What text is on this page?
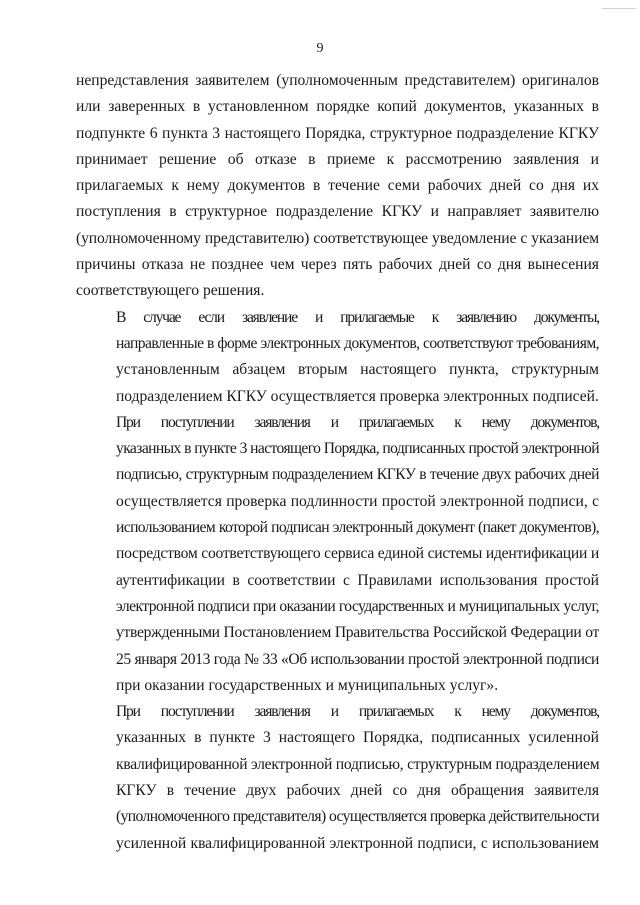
9

непредставления заявителем (уполномоченным представителем) оригиналов
или заверенных в установленном порядке копий документов, указанных в
подпункте 6 пункта 3 настоящего Порядка, структурное подразделение КГКУ
принимает решение об отказе в приеме к рассмотрению заявления и
прилагаемых к нему документов в течение семи рабочих дней со дня их
поступления в структурное подразделение КГКУ и направляет заявителю
(уполномоченному представителю) соответствующее уведомление с указанием
причины отказа не позднее чем через пять рабочих дней со дня вынесения
соответствующего решения.

В случае если заявление и прилагаемые к заявлению документы,
направленные в форме электронных документов, соответствуют требованиям,
установленным абзацем вторым настоящего пункта, структурным
подразделением КГКУ осуществляется проверка электронных подписей.

При поступлении заявления и прилагаемых к нему документов,
указанных в пункте 3 настоящего Порядка, подписанных простой электронной
подписью, структурным подразделением КГКУ в течение двух рабочих дней
осуществляется проверка подлинности простой электронной подписи, с
использованием которой подписан электронный документ (пакет документов),
посредством соответствующего сервиса единой системы идентификации и
аутентификации в соответствии с Правилами использования простой
электронной подписи при оказании государственных и муниципальных услуг,
утвержденными Постановлением Правительства Российской Федерации от
25 января 2013 года № 33 «Об использовании простой электронной подписи
при оказании государственных и муниципальных услуг».

При поступлении заявления и прилагаемых к нему документов,
указанных в пункте 3 настоящего Порядка, подписанных усиленной
квалифицированной электронной подписью, структурным подразделением
КГКУ в течение двух рабочих дней со дня обращения заявителя
(уполномоченного представителя) осуществляется проверка действительности
усиленной квалифицированной электронной подписи, с использованием
